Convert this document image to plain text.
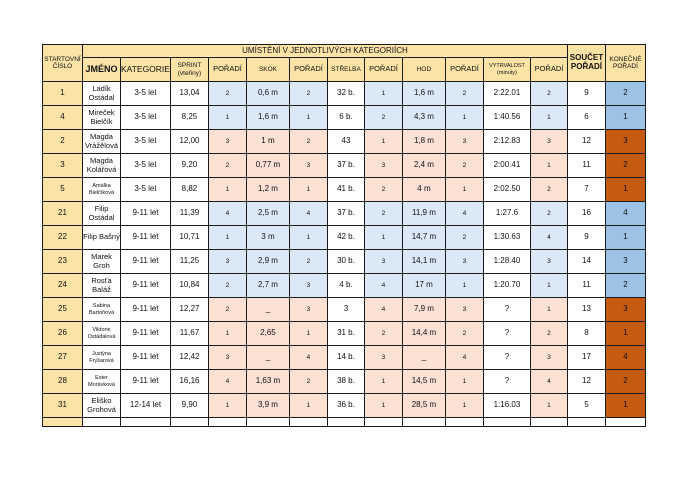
STARTOVNÍ ČÍSLO	UMÍSTĚNÍ V JEDNOTLIVÝCH KATEGORIÍCH												SOUČET POŘADÍ	KONEČNÉ POŘADÍ
	JMÉNO	KATEGORIE	SPRINT (vteřiny)	POŘADÍ	SKOK	POŘADÍ	STŘELBA	POŘADÍ	HOD	POŘADÍ	VYTRVALOST (minuty)	POŘADÍ		
1	Ladík Ostádal	3-5 let	13,04	2	0,6 m	2	32 b.	1	1,6 m	2	2:22.01	2	9	2
4	Mireček Bielčík	3-5 let	8,25	1	1,6 m	1	6 b.	2	4,3 m	1	1:40.56	1	6	1
2	Magda Vrážělová	3-5 let	12,00	3	1 m	2	43	1	1,8 m	3	2:12.83	3	12	3
3	Magda Kolářová	3-5 let	9,20	2	0,77 m	3	37 b.	3	2,4 m	2	2:00.41	1	11	2
5	Amálka Bielčíková	3-5 let	8,82	1	1,2 m	1	41 b.	2	4 m	1	2:02.50	2	7	1
21	Filip Ostádal	9-11 let	11,39	4	2,5 m	4	37 b.	2	11,9 m	4	1:27.6	2	16	4
22	Filip Bašný	9-11 let	10,71	1	3 m	1	42 b.	1	14,7 m	2	1:30.63	4	9	1
23	Marek Groh	9-11 let	11,25	3	2,9 m	2	30 b.	3	14,1 m	3	1:28.40	3	14	3
24	Rosťa Baláž	9-11 let	10,84	2	2,7 m	3	4 b.	4	17 m	1	1:20.70	1	11	2
25	Sabina Bartoňová	9-11 let	12,27	2	_	3	3	4	7,9 m	3	?	1	13	3
26	Viktorie Ostádalová	9-11 let	11,67	1	2,65	1	31 b.	2	14,4 m	2	?	2	8	1
27	Justýna Fryšarová	9-11 let	12,42	3	_	4	14 b.	3	_	4	?	3	17	4
28	Ester Morávková	9-11 let	16,16	4	1,63 m	2	38 b.	1	14,5 m	1	?	4	12	2
31	Eliško Grohová	12-14 let	9,90	1	3,9 m	1	36 b.	1	28,5 m	1	1:16.03	1	5	1
